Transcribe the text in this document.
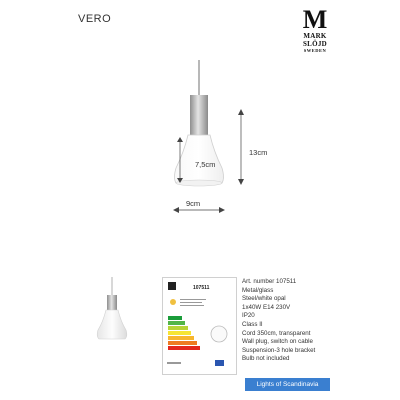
VERO	M
MARK
SLÖJD
SWEDEN
7,5cm
13cm
9cm
107511
Art. number 107511
Metal/glass
Steel/white opal
1x40W E14 230V
IP20
Class II
Cord 350cm, transparent
Wall plug, switch on cable
Suspension-3 hole bracket
Bulb not included
Lights of Scandinavia
